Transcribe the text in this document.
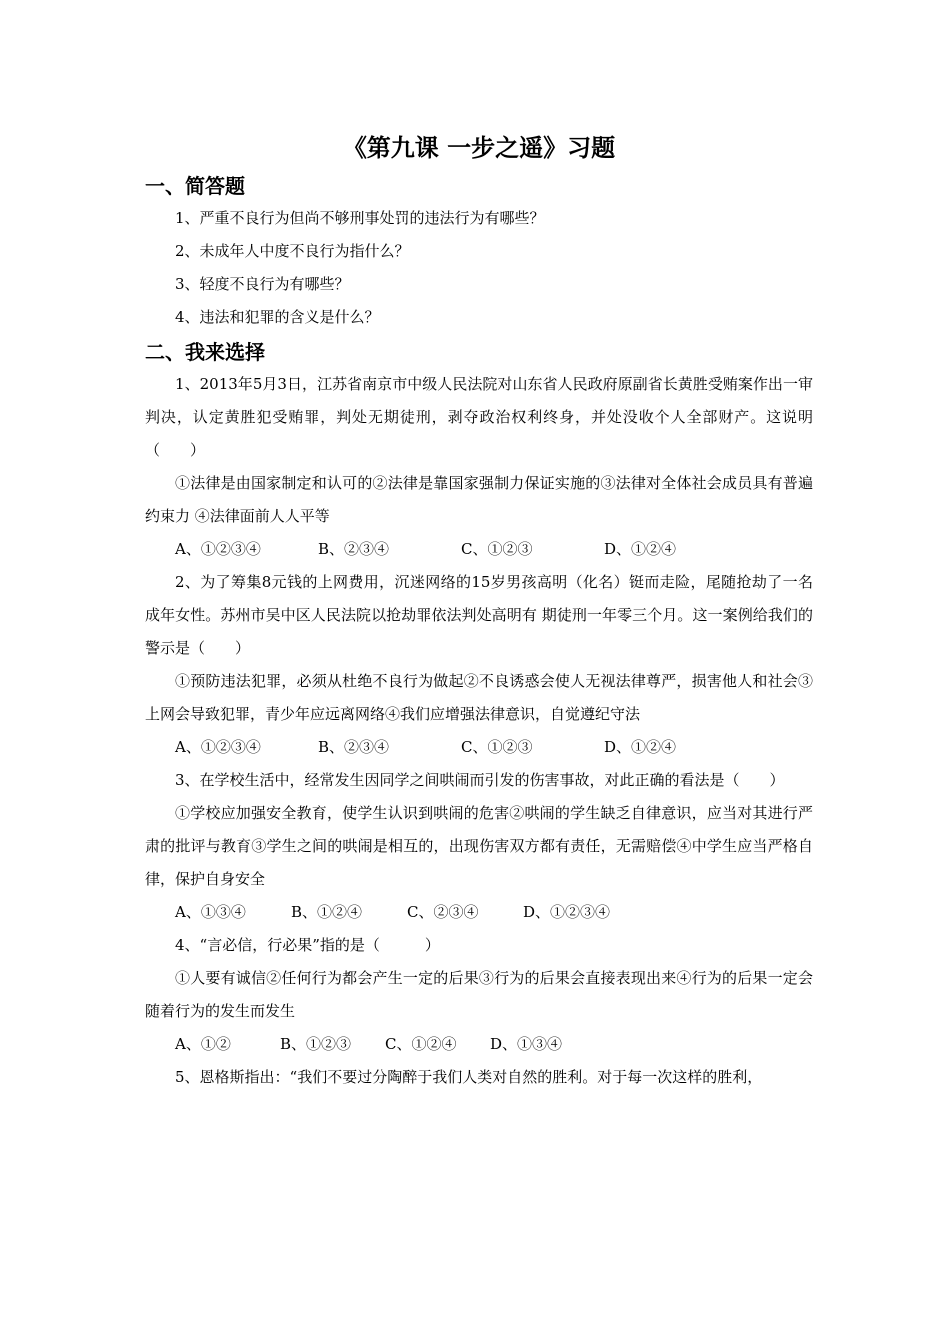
《第九课 一步之遥》习题
一、简答题

1、严重不良行为但尚不够刑事处罚的违法行为有哪些？

2、未成年人中度不良行为指什么？

3、轻度不良行为有哪些？

4、违法和犯罪的含义是什么？

二、我来选择

1、2013年5月3日，江苏省南京市中级人民法院对山东省人民政府原副省长黄胜受贿案作出一审判决，认定黄胜犯受贿罪，判处无期徒刑，剥夺政治权利终身，并处没收个人全部财产。这说明（　　）

①法律是由国家制定和认可的②法律是靠国家强制力保证实施的③法律对全体社会成员具有普遍约束力 ④法律面前人人平等

A、①②③④	B、②③④	C、①②③	D、①②④

2、为了筹集8元钱的上网费用，沉迷网络的15岁男孩高明（化名）铤而走险，尾随抢劫了一名成年女性。苏州市吴中区人民法院以抢劫罪依法判处高明有 期徒刑一年零三个月。这一案例给我们的警示是（　　）

①预防违法犯罪，必须从杜绝不良行为做起②不良诱惑会使人无视法律尊严，损害他人和社会③上网会导致犯罪，青少年应远离网络④我们应增强法律意识，自觉遵纪守法

A、①②③④	B、②③④	C、①②③	D、①②④

3、在学校生活中，经常发生因同学之间哄闹而引发的伤害事故，对此正确的看法是（　　）

①学校应加强安全教育，使学生认识到哄闹的危害②哄闹的学生缺乏自律意识，应当对其进行严肃的批评与教育③学生之间的哄闹是相互的，出现伤害双方都有责任，无需赔偿④中学生应当严格自律，保护自身安全

A、①③④	B、①②④	C、②③④	D、①②③④

4、“言必信，行必果”指的是（　　　）

①人要有诚信②任何行为都会产生一定的后果③行为的后果会直接表现出来④行为的后果一定会随着行为的发生而发生

A、①②	B、①②③	C、①②④	D、①③④

5、恩格斯指出：“我们不要过分陶醉于我们人类对自然的胜利。对于每一次这样的胜利，
